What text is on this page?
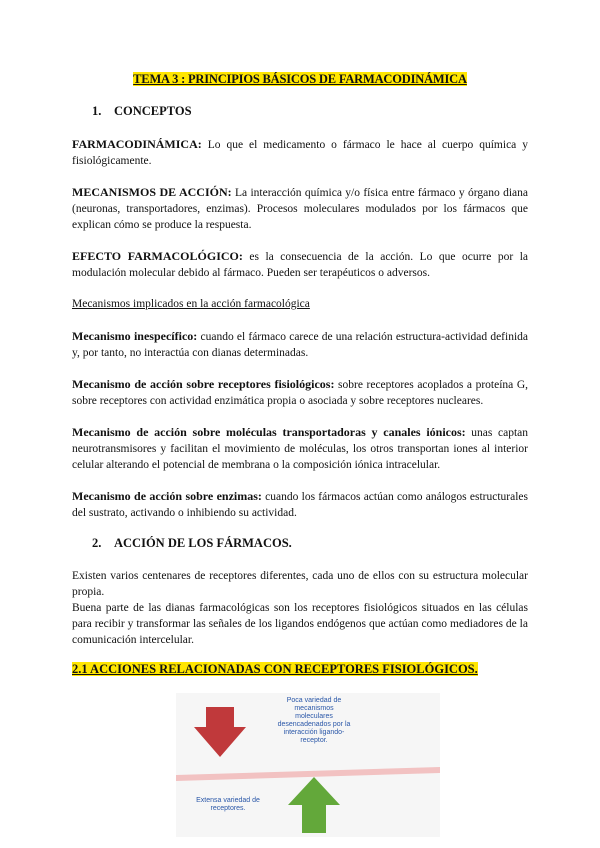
TEMA 3 : PRINCIPIOS BÁSICOS DE FARMACODINÁMICA
1. CONCEPTOS
FARMACODINÁMICA: Lo que el medicamento o fármaco le hace al cuerpo química y fisiológicamente.
MECANISMOS DE ACCIÓN: La interacción química y/o física entre fármaco y órgano diana (neuronas, transportadores, enzimas). Procesos moleculares modulados por los fármacos que explican cómo se produce la respuesta.
EFECTO FARMACOLÓGICO: es la consecuencia de la acción. Lo que ocurre por la modulación molecular debido al fármaco. Pueden ser terapéuticos o adversos.
Mecanismos implicados en la acción farmacológica
Mecanismo inespecífico: cuando el fármaco carece de una relación estructura-actividad definida y, por tanto, no interactúa con dianas determinadas.
Mecanismo de acción sobre receptores fisiológicos: sobre receptores acoplados a proteína G, sobre receptores con actividad enzimática propia o asociada y sobre receptores nucleares.
Mecanismo de acción sobre moléculas transportadoras y canales iónicos: unas captan neurotransmisores y facilitan el movimiento de moléculas, los otros transportan iones al interior celular alterando el potencial de membrana o la composición iónica intracelular.
Mecanismo de acción sobre enzimas: cuando los fármacos actúan como análogos estructurales del sustrato, activando o inhibiendo su actividad.
2. ACCIÓN DE LOS FÁRMACOS.
Existen varios centenares de receptores diferentes, cada uno de ellos con su estructura molecular propia.
Buena parte de las dianas farmacológicas son los receptores fisiológicos situados en las células para recibir y transformar las señales de los ligandos endógenos que actúan como mediadores de la comunicación intercelular.
2.1 ACCIONES RELACIONADAS CON RECEPTORES FISIOLÓGICOS.
Poca variedad de mecanismos moleculares desencadenados por la interacción ligando-receptor.
Extensa variedad de receptores.
